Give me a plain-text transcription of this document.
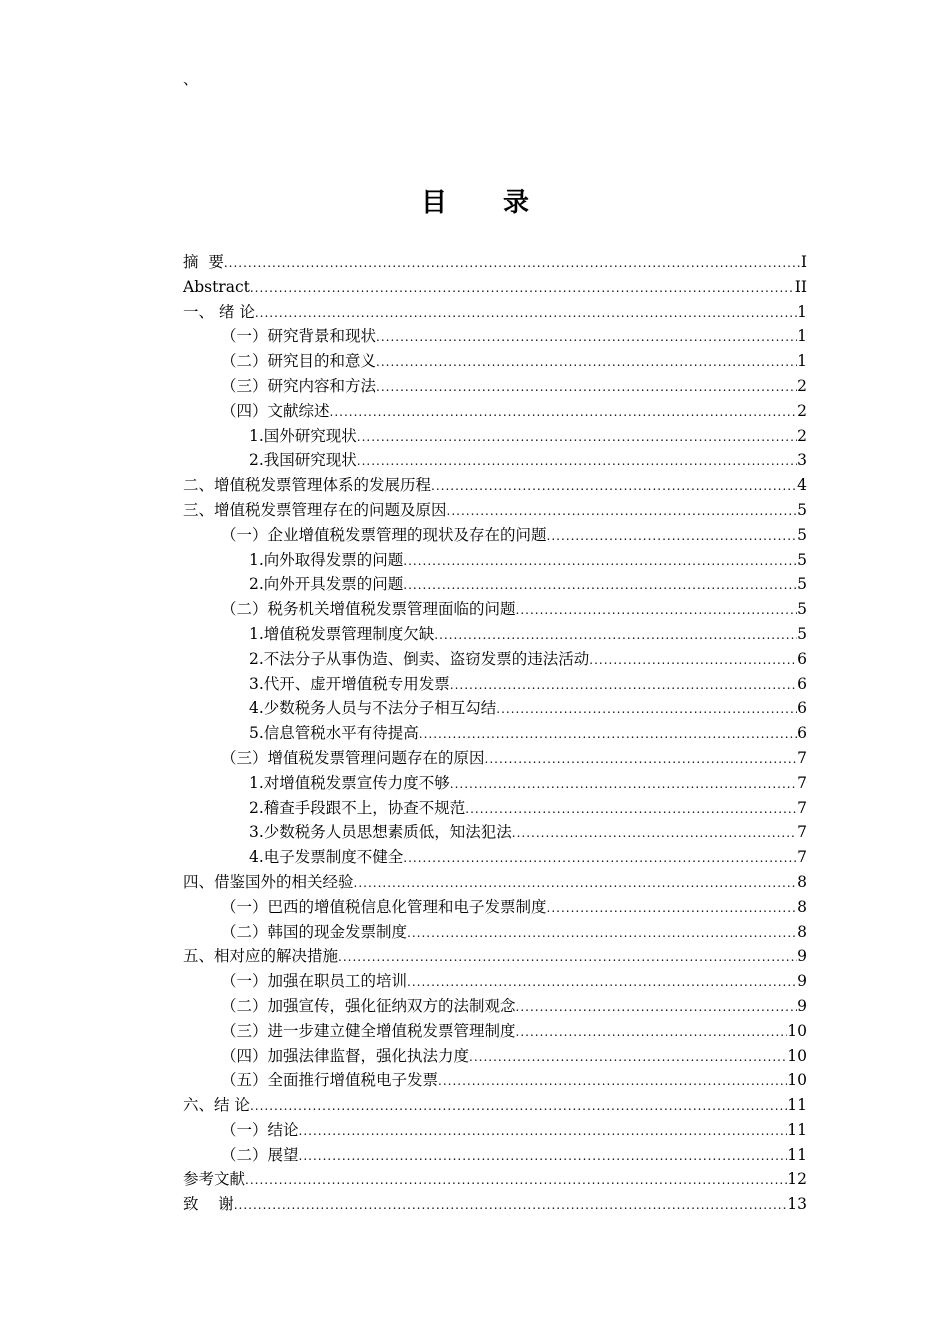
、
目录
摘  要 .....	I
Abstract .....	II
一、 绪 论 .....	1
（一）研究背景和现状 .....	1
（二）研究目的和意义 .....	1
（三）研究内容和方法 .....	2
（四）文献综述 .....	2
1.国外研究现状 .....	2
2.我国研究现状 .....	3
二、增值税发票管理体系的发展历程 .....	4
三、增值税发票管理存在的问题及原因 .....	5
（一）企业增值税发票管理的现状及存在的问题 .....	5
1.向外取得发票的问题 .....	5
2.向外开具发票的问题 .....	5
（二）税务机关增值税发票管理面临的问题 .....	5
1.增值税发票管理制度欠缺 .....	5
2.不法分子从事伪造、倒卖、盗窃发票的违法活动 .....	6
3.代开、虚开增值税专用发票 .....	6
4.少数税务人员与不法分子相互勾结 .....	6
5.信息管税水平有待提高 .....	6
（三）增值税发票管理问题存在的原因 .....	7
1.对增值税发票宣传力度不够 .....	7
2.稽查手段跟不上，协查不规范 .....	7
3.少数税务人员思想素质低，知法犯法 .....	7
4.电子发票制度不健全 .....	7
四、借鉴国外的相关经验 .....	8
（一）巴西的增值税信息化管理和电子发票制度 .....	8
（二）韩国的现金发票制度 .....	8
五、相对应的解决措施 .....	9
（一）加强在职员工的培训 .....	9
（二）加强宣传，强化征纳双方的法制观念 .....	9
（三）进一步建立健全增值税发票管理制度 .....	10
（四）加强法律监督，强化执法力度 .....	10
（五）全面推行增值税电子发票 .....	10
六、结 论 .....	11
（一）结论 .....	11
（二）展望 .....	11
参考文献 .....	12
致    谢 .....	13
